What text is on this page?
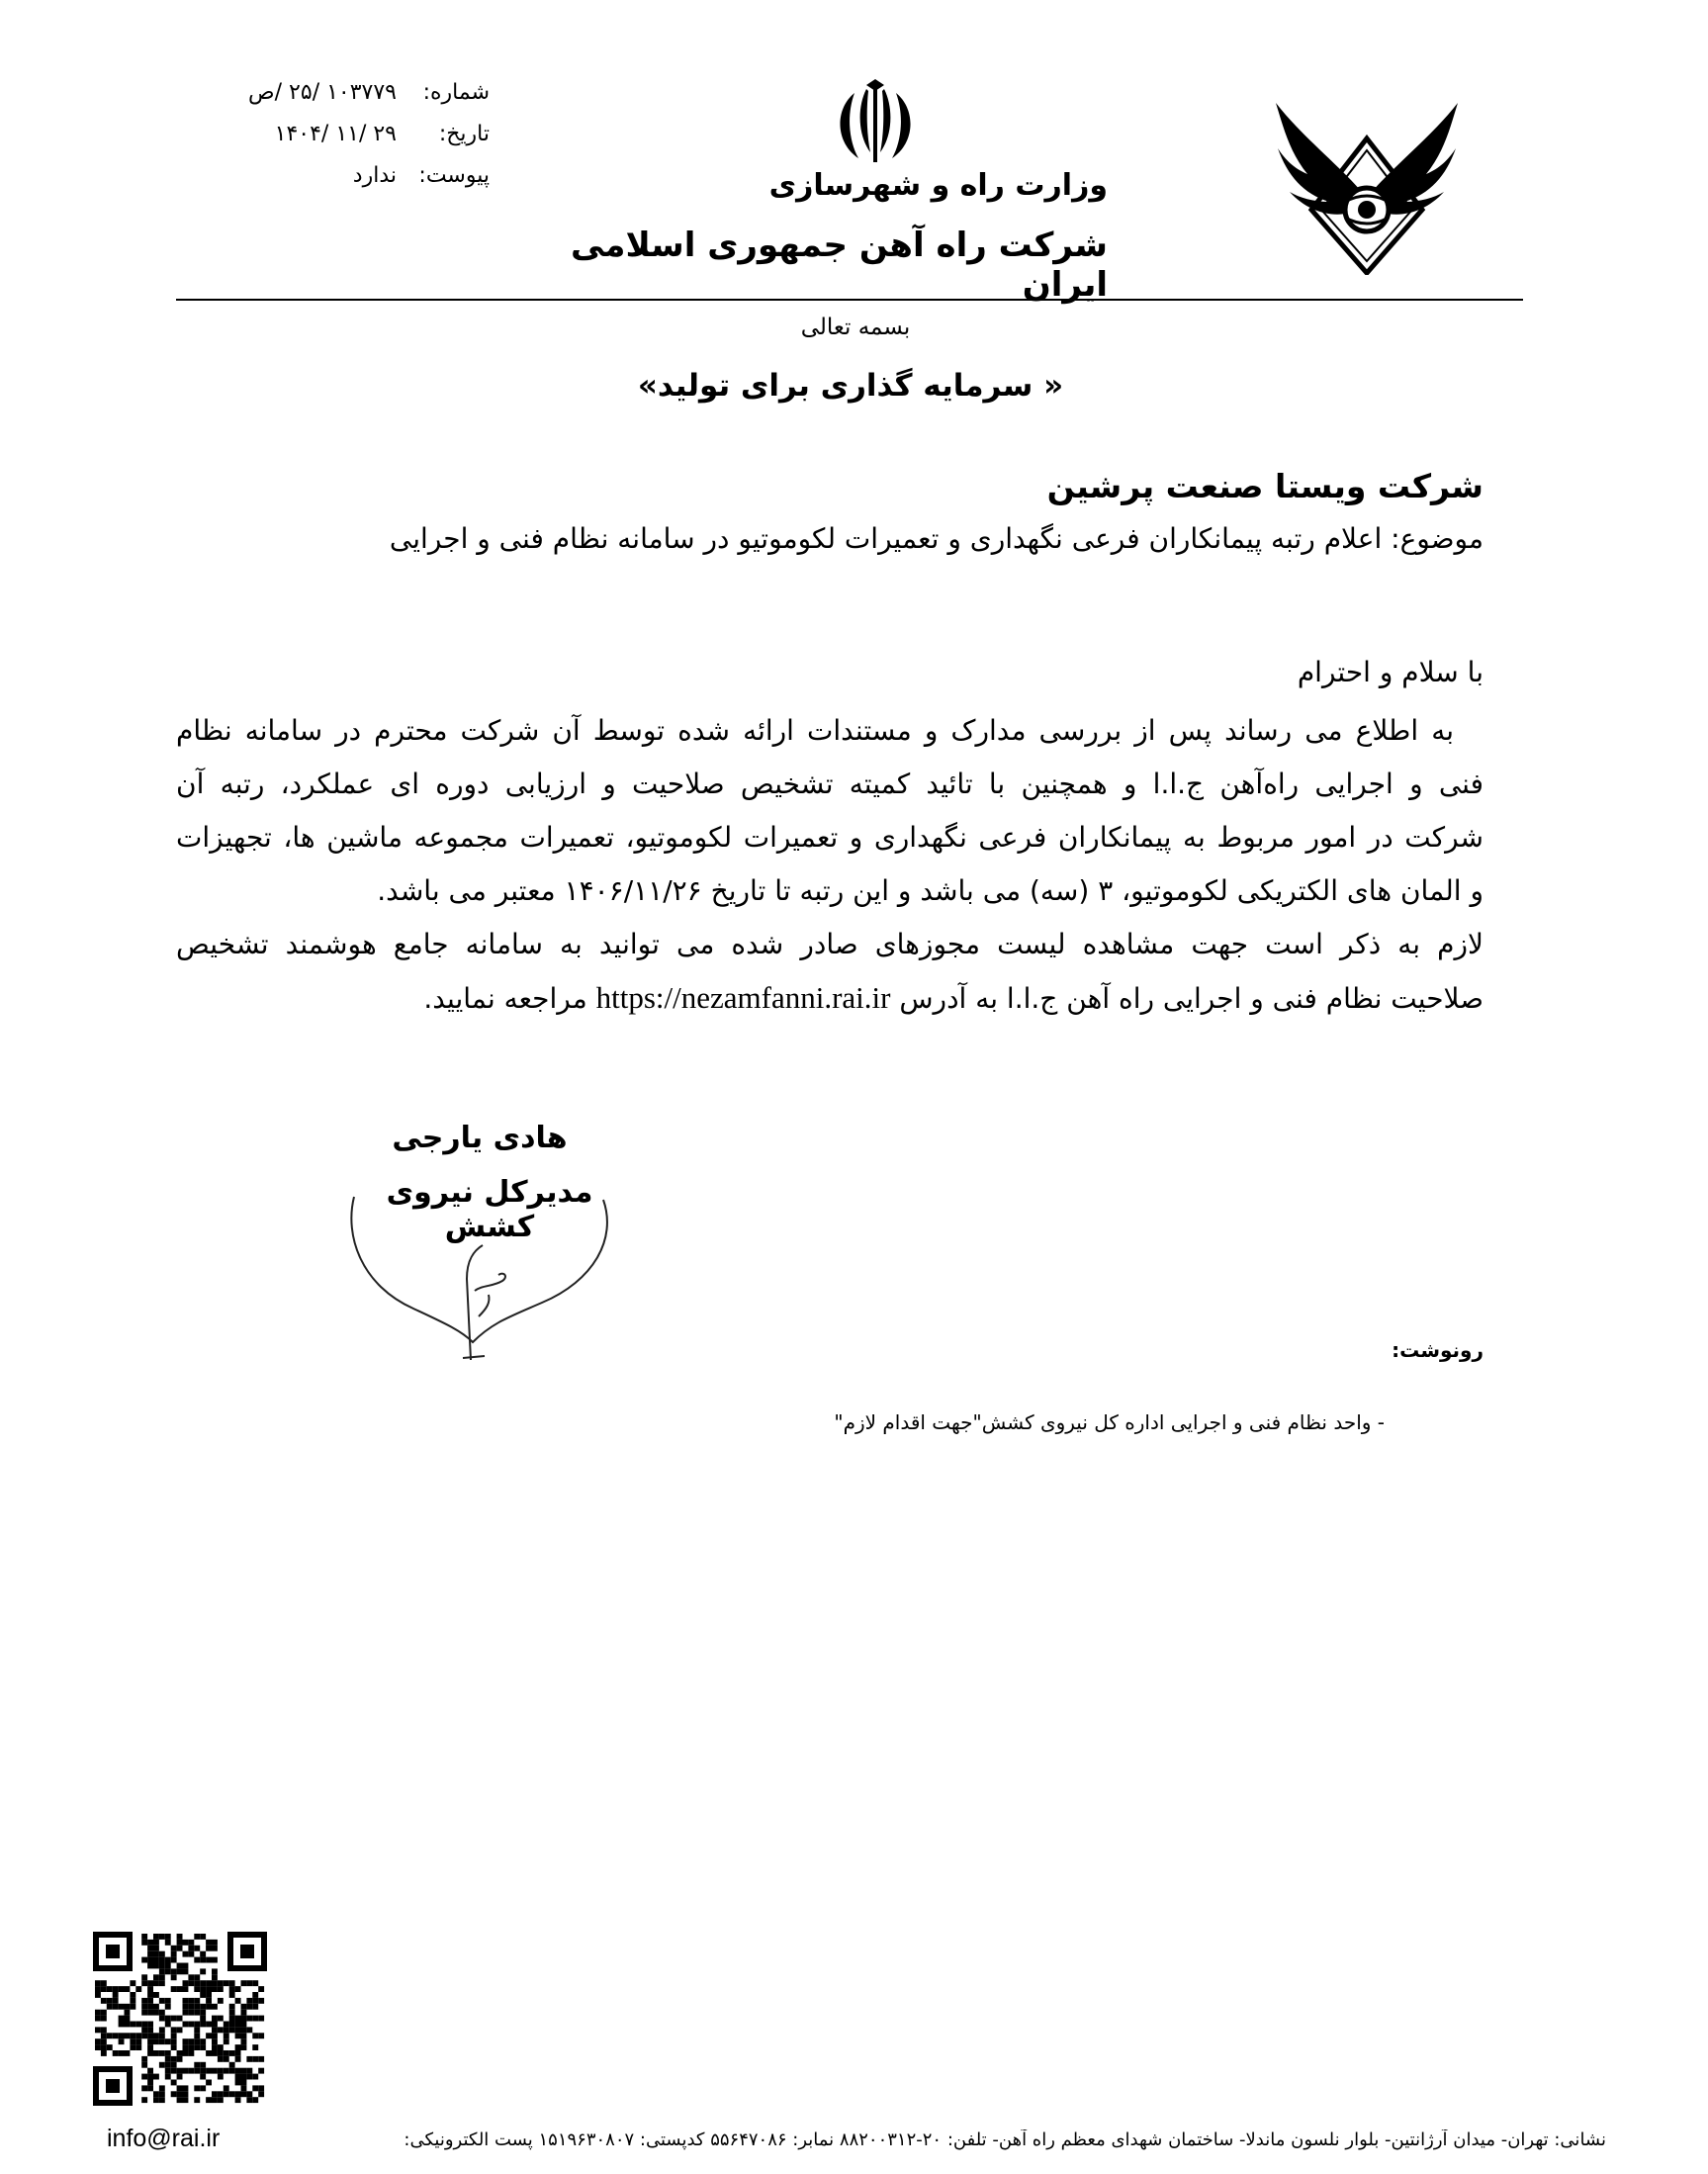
شماره:
۱۰۳۷۷۹ /۲۵ /ص
تاریخ:
۲۹ /۱۱ /۱۴۰۴
پیوست:
ندارد	وزارت راه و شهرسازی
شرکت راه آهن جمهوری اسلامی ایران
بسمه تعالی
« سرمایه گذاری برای تولید»
شرکت ویستا صنعت پرشین
موضوع: اعلام رتبه پیمانکاران فرعی نگهداری و تعمیرات لکوموتیو در سامانه نظام فنی و اجرایی
با سلام و احترام
به اطلاع می رساند پس از بررسی مدارک و مستندات ارائه شده توسط آن شرکت محترم در سامانه نظام
فنی و اجرایی راه‌آهن ج.ا.ا و همچنین با تائید کمیته تشخیص صلاحیت و ارزیابی دوره ای عملکرد، رتبه آن
شرکت در امور مربوط به پیمانکاران فرعی نگهداری و تعمیرات لکوموتیو، تعمیرات مجموعه ماشین ها، تجهیزات
و المان های الکتریکی لکوموتیو، ۳ (سه) می باشد و این رتبه تا تاریخ ۱۴۰۶/۱۱/۲۶ معتبر می باشد.
لازم به ذکر است جهت مشاهده لیست مجوزهای صادر شده می توانید به سامانه جامع هوشمند تشخیص
صلاحیت نظام فنی و اجرایی راه آهن ج.ا.ا به آدرس https://nezamfanni.rai.ir مراجعه نمایید.
هادی یارجی
مدیرکل نیروی کشش
رونوشت:
- واحد نظام فنی و اجرایی اداره کل نیروی کشش"جهت اقدام لازم"
نشانی: تهران- میدان آرژانتین- بلوار نلسون ماندلا- ساختمان شهدای معظم راه آهن- تلفن: ۲۰-۸۸۲۰۰۳۱۲ نمابر: ۵۵۶۴۷۰۸۶ کدپستی: ۱۵۱۹۶۳۰۸۰۷ پست الکترونیکی:
info@rai.ir
